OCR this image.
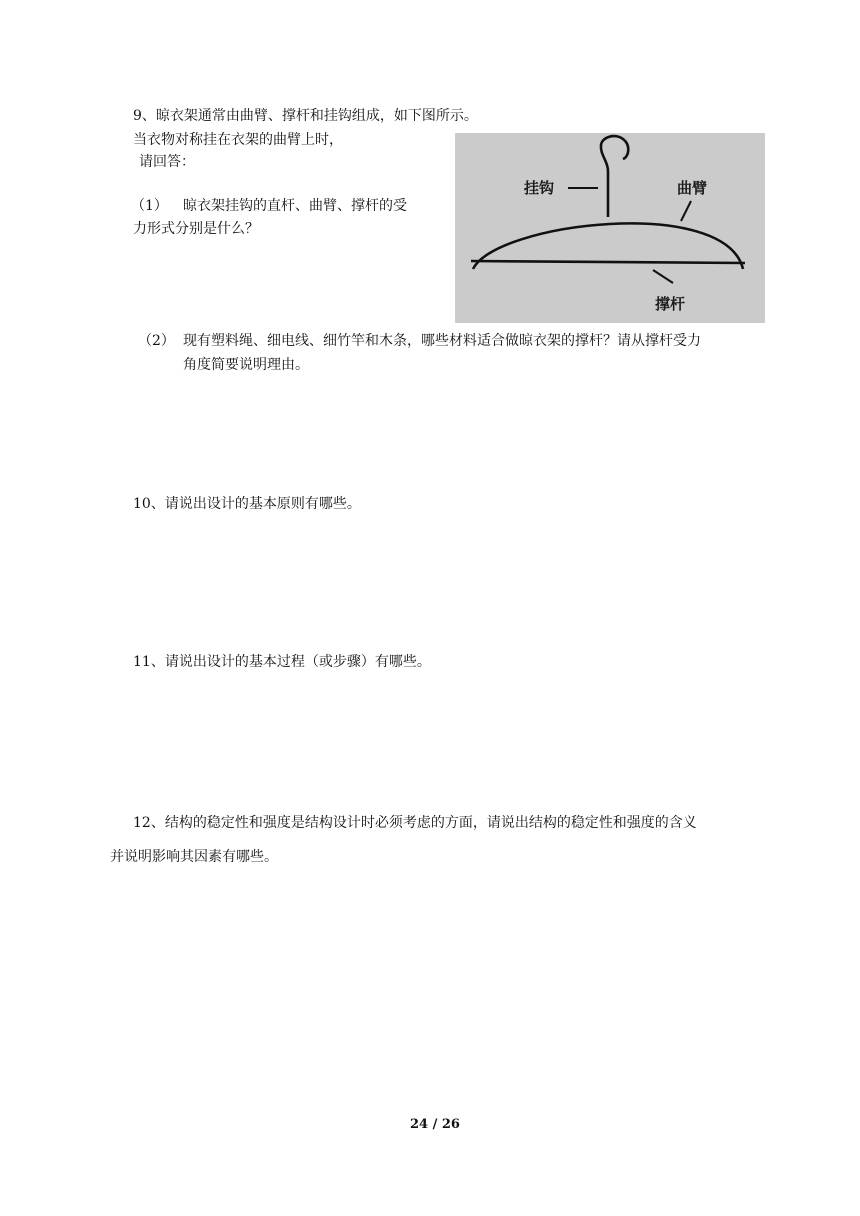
9、晾衣架通常由曲臂、撑杆和挂钩组成，如下图所示。
当衣物对称挂在衣架的曲臂上时，
请回答：
（1） 晾衣架挂钩的直杆、曲臂、撑杆的受
力形式分别是什么？
挂钩	曲臂
撑杆
（2） 现有塑料绳、细电线、细竹竿和木条，哪些材料适合做晾衣架的撑杆？请从撑杆受力
角度简要说明理由。
10、请说出设计的基本原则有哪些。
11、请说出设计的基本过程（或步骤）有哪些。
12、结构的稳定性和强度是结构设计时必须考虑的方面，请说出结构的稳定性和强度的含义
并说明影响其因素有哪些。
24 / 26
